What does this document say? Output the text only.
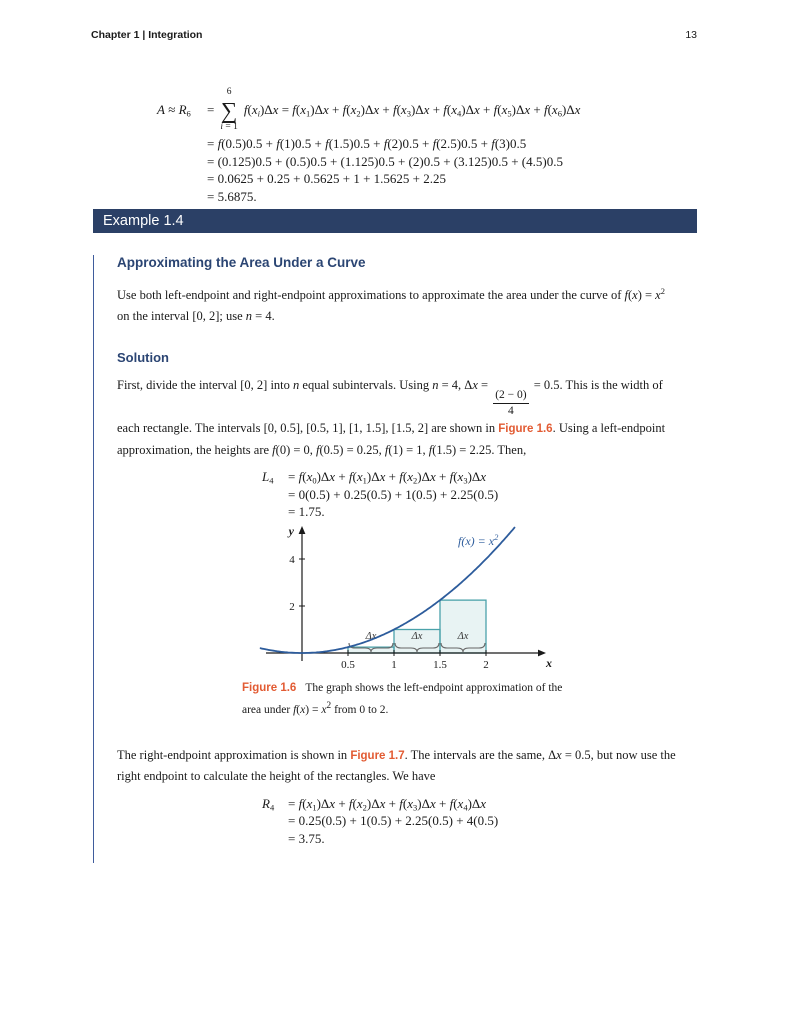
Chapter 1 | Integration	13
$A \approx R_6$	=
6
∑
i = 1
$f(x_i)\Delta x = f(x_1)\Delta x + f(x_2)\Delta x + f(x_3)\Delta x + f(x_4)\Delta x + f(x_5)\Delta x + f(x_6)\Delta x$
= f(0.5)0.5 + f(1)0.5 + f(1.5)0.5 + f(2)0.5 + f(2.5)0.5 + f(3)0.5
= (0.125)0.5 + (0.5)0.5 + (1.125)0.5 + (2)0.5 + (3.125)0.5 + (4.5)0.5
= 0.0625 + 0.25 + 0.5625 + 1 + 1.5625 + 2.25
= 5.6875.
Example 1.4
Approximating the Area Under a Curve

Use both left-endpoint and right-endpoint approximations to approximate the area under the curve of $f(x) = x^2$ on the interval [0, 2]; use n = 4.

Solution

First, divide the interval [0, 2] into n equal subintervals. Using n = 4, Δx =
$\frac{(2 - 0)}{4}$
= 0.5. This is the width of each rectangle. The intervals [0, 0.5], [0.5, 1], [1, 1.5], [1.5, 2] are shown in Figure 1.6. Using a left-endpoint approximation, the heights are f(0) = 0, f(0.5) = 0.25, f(1) = 1, f(1.5) = 2.25. Then,

$L_4$	= $f(x_0)\Delta x + f(x_1)\Delta x + f(x_2)\Delta x + f(x_3)\Delta x$
= 0(0.5) + 0.25(0.5) + 1(0.5) + 2.25(0.5)
= 1.75.
Δx	Δx	Δx
0.5	1	1.5	2
2
4
y
x
$f(x) = x^2$
Figure 1.6 The graph shows the left-endpoint approximation of the area under $f(x) = x^2$ from 0 to 2.

The right-endpoint approximation is shown in Figure 1.7. The intervals are the same, Δx = 0.5, but now use the right endpoint to calculate the height of the rectangles. We have

$R_4$	= $f(x_1)\Delta x + f(x_2)\Delta x + f(x_3)\Delta x + f(x_4)\Delta x$
= 0.25(0.5) + 1(0.5) + 2.25(0.5) + 4(0.5)
= 3.75.
